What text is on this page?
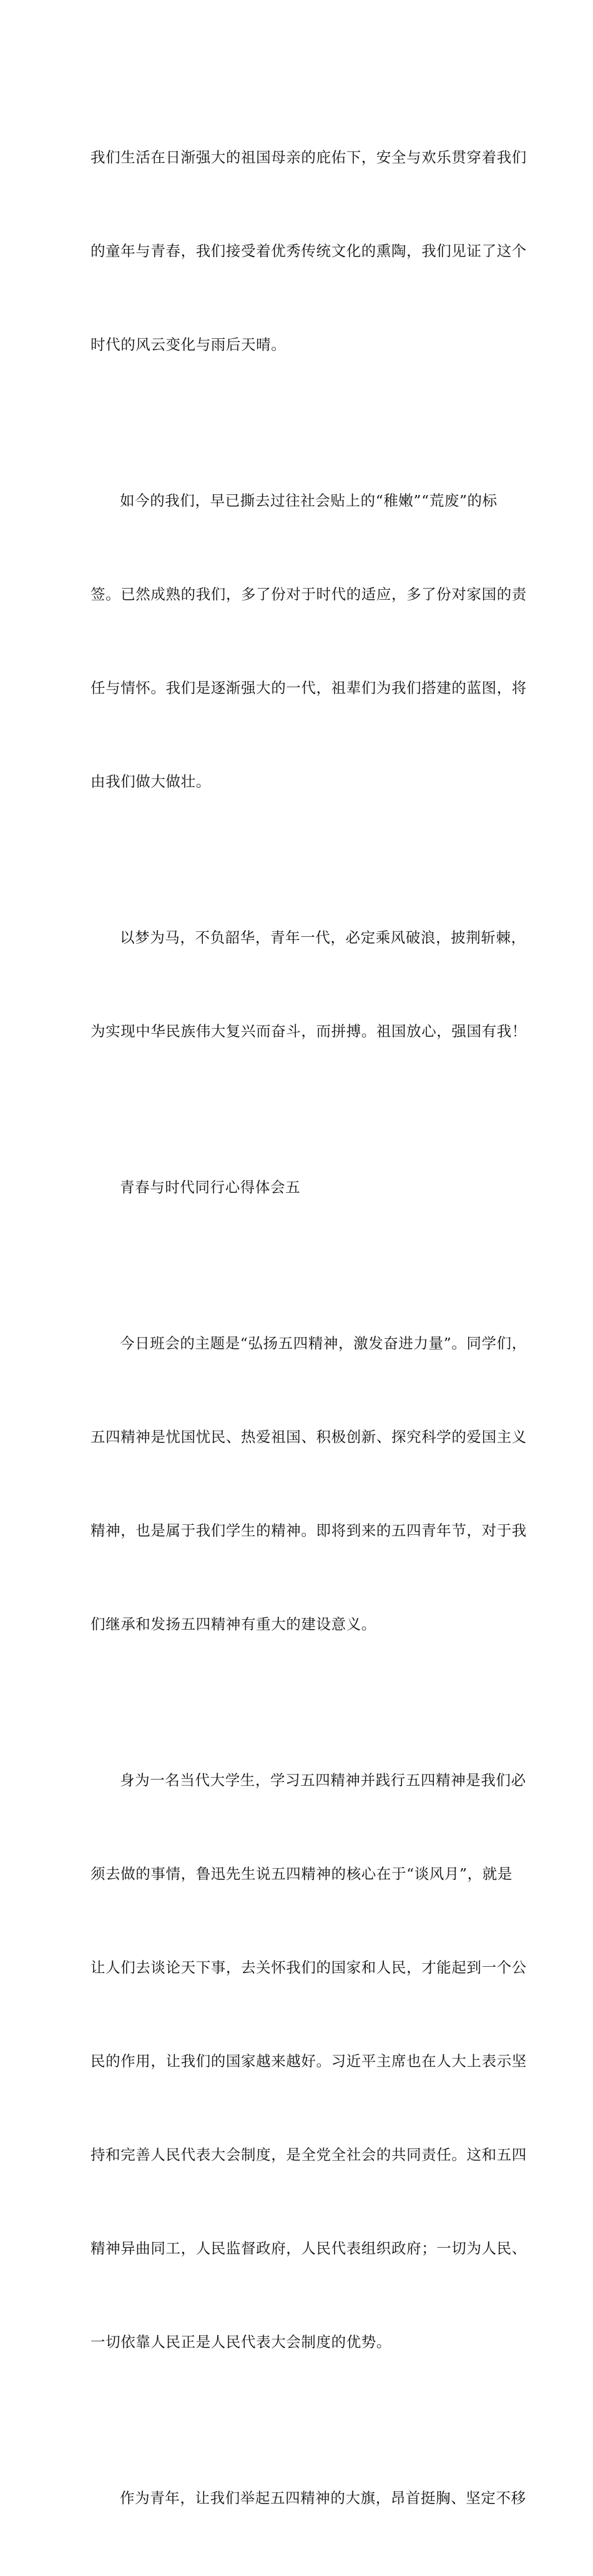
我们生活在日渐强大的祖国母亲的庇佑下，安全与欢乐贯穿着我们

的童年与青春，我们接受着优秀传统文化的熏陶，我们见证了这个

时代的风云变化与雨后天晴。

如今的我们，早已撕去过往社会贴上的“稚嫩”“荒废”的标

签。已然成熟的我们，多了份对于时代的适应，多了份对家国的责

任与情怀。我们是逐渐强大的一代，祖辈们为我们搭建的蓝图，将

由我们做大做壮。

以梦为马，不负韶华，青年一代，必定乘风破浪，披荆斩棘，

为实现中华民族伟大复兴而奋斗，而拼搏。祖国放心，强国有我！

青春与时代同行心得体会五

今日班会的主题是“弘扬五四精神，激发奋进力量”。同学们，

五四精神是忧国忧民、热爱祖国、积极创新、探究科学的爱国主义

精神，也是属于我们学生的精神。即将到来的五四青年节，对于我

们继承和发扬五四精神有重大的建设意义。

身为一名当代大学生，学习五四精神并践行五四精神是我们必

须去做的事情，鲁迅先生说五四精神的核心在于“谈风月”，就是

让人们去谈论天下事，去关怀我们的国家和人民，才能起到一个公

民的作用，让我们的国家越来越好。习近平主席也在人大上表示坚

持和完善人民代表大会制度，是全党全社会的共同责任。这和五四

精神异曲同工，人民监督政府，人民代表组织政府；一切为人民、

一切依靠人民正是人民代表大会制度的优势。

作为青年，让我们举起五四精神的大旗，昂首挺胸、坚定不移
